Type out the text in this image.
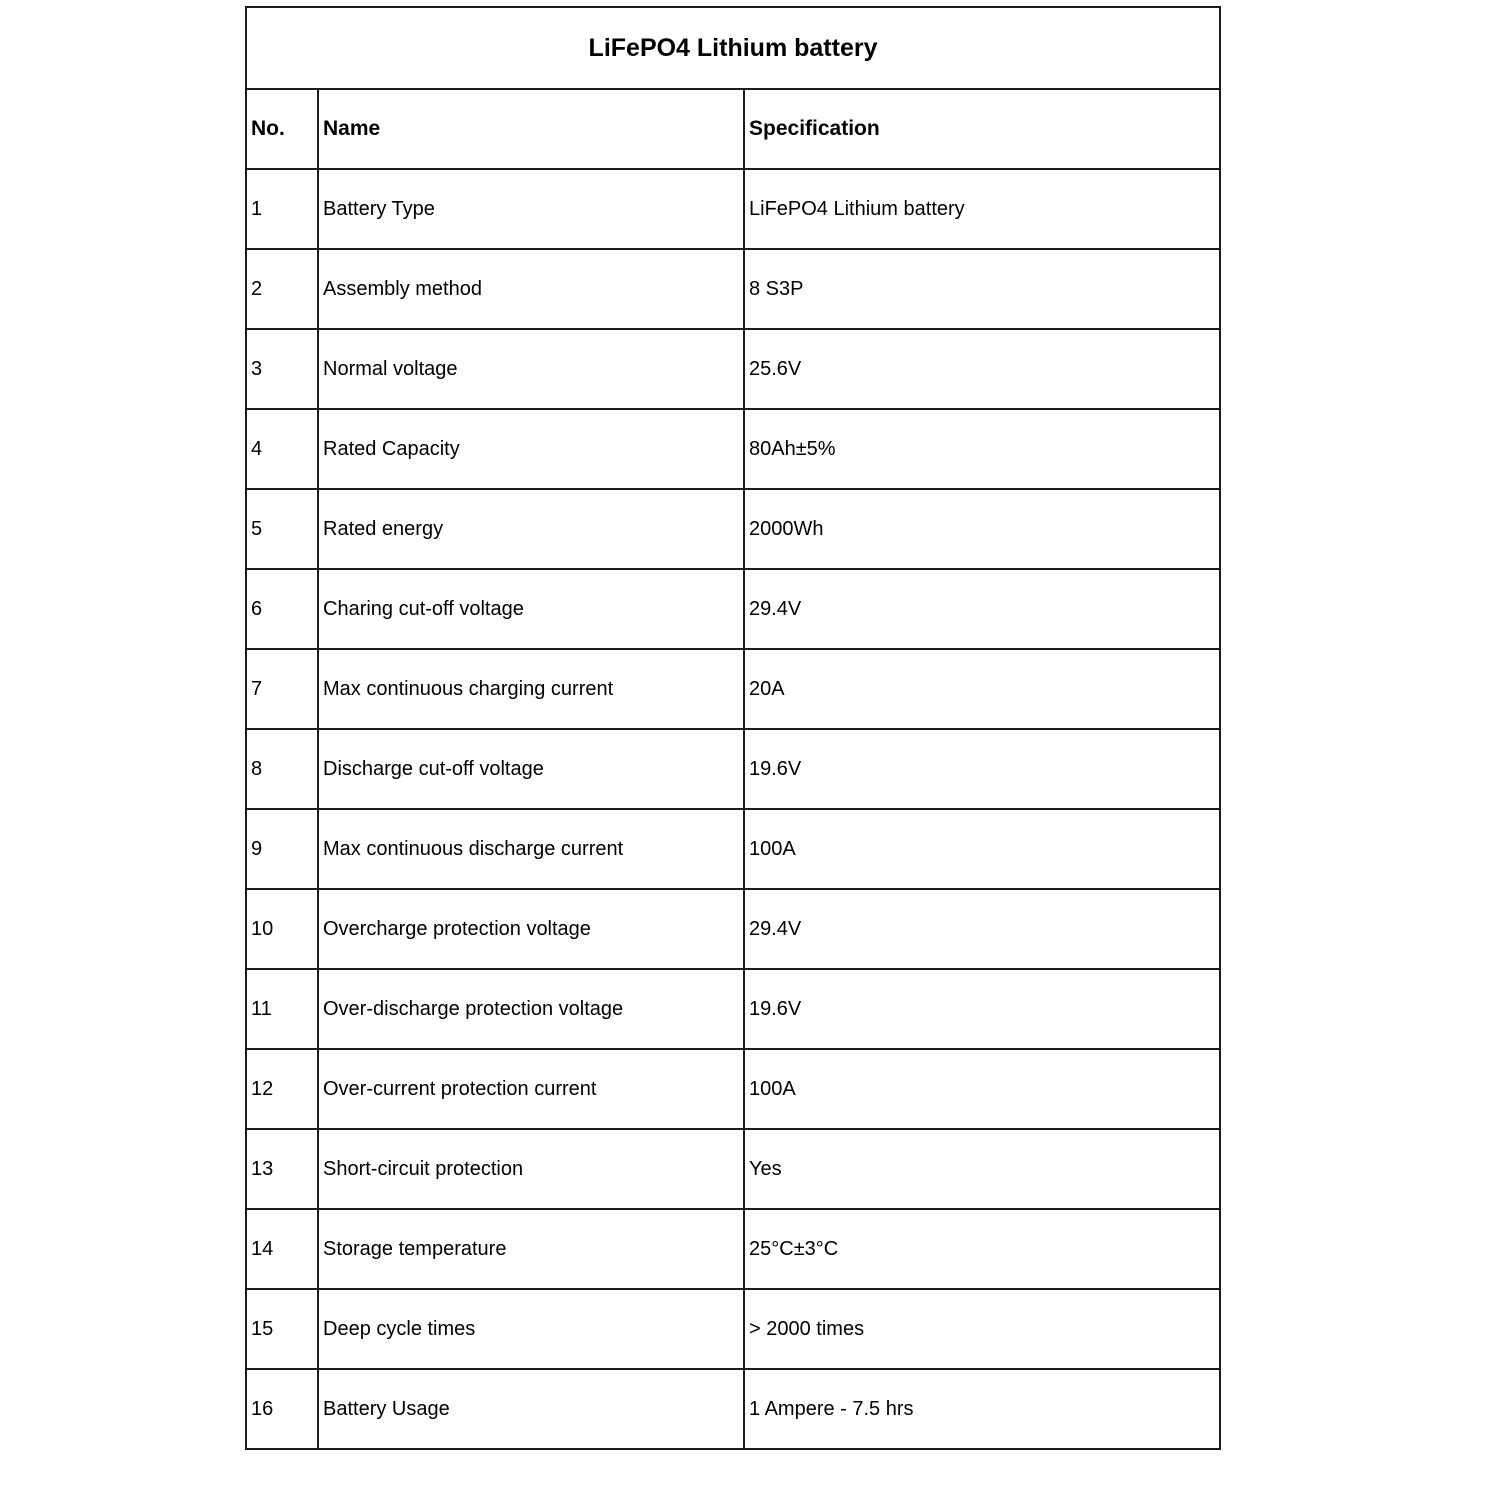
LiFePO4 Lithium battery		
No.	Name	Specification
1	Battery Type	LiFePO4 Lithium battery
2	Assembly method	8 S3P
3	Normal voltage	25.6V
4	Rated Capacity	80Ah±5%
5	Rated energy	2000Wh
6	Charing cut-off voltage	29.4V
7	Max continuous charging current	20A
8	Discharge cut-off voltage	19.6V
9	Max continuous discharge current	100A
10	Overcharge protection voltage	29.4V
11	Over-discharge protection voltage	19.6V
12	Over-current protection current	100A
13	Short-circuit protection	Yes
14	Storage temperature	25°C±3°C
15	Deep cycle times	> 2000 times
16	Battery Usage	1 Ampere - 7.5 hrs
